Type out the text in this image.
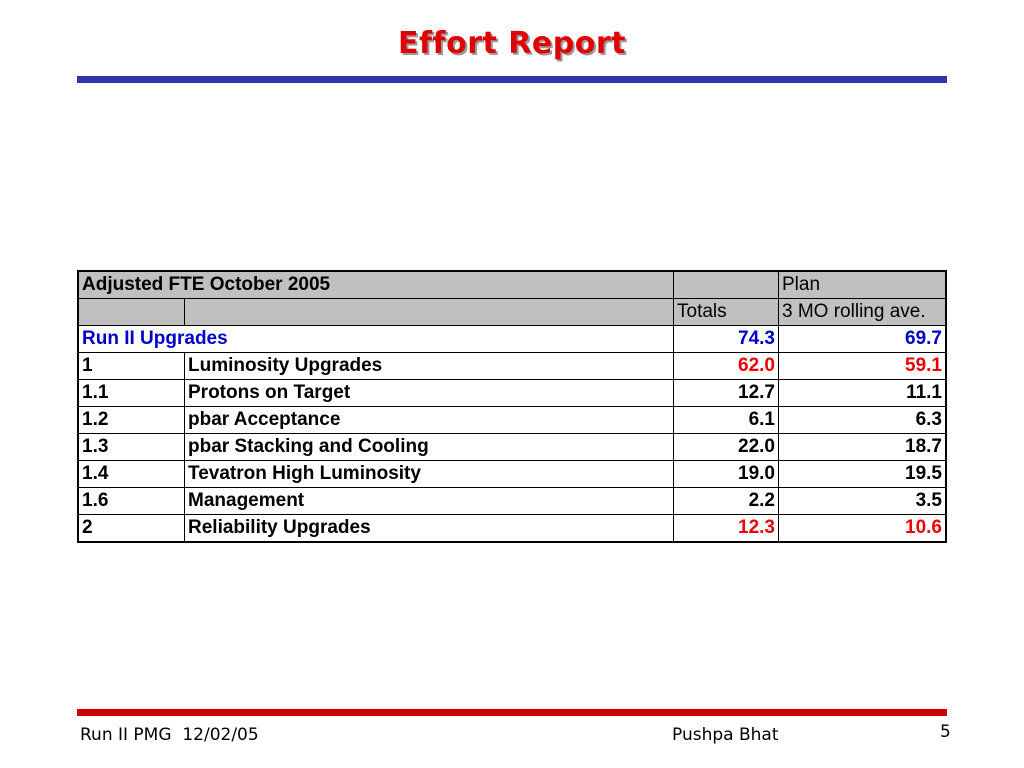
Effort Report
Adjusted FTE October 2005			Plan
		Totals	3 MO rolling ave.
Run II Upgrades		74.3	69.7
1	Luminosity Upgrades	62.0	59.1
1.1	Protons on Target	12.7	11.1
1.2	pbar Acceptance	6.1	6.3
1.3	pbar Stacking and Cooling	22.0	18.7
1.4	Tevatron High Luminosity	19.0	19.5
1.6	Management	2.2	3.5
2	Reliability Upgrades	12.3	10.6
Run II PMG  12/02/05	Pushpa Bhat	5
